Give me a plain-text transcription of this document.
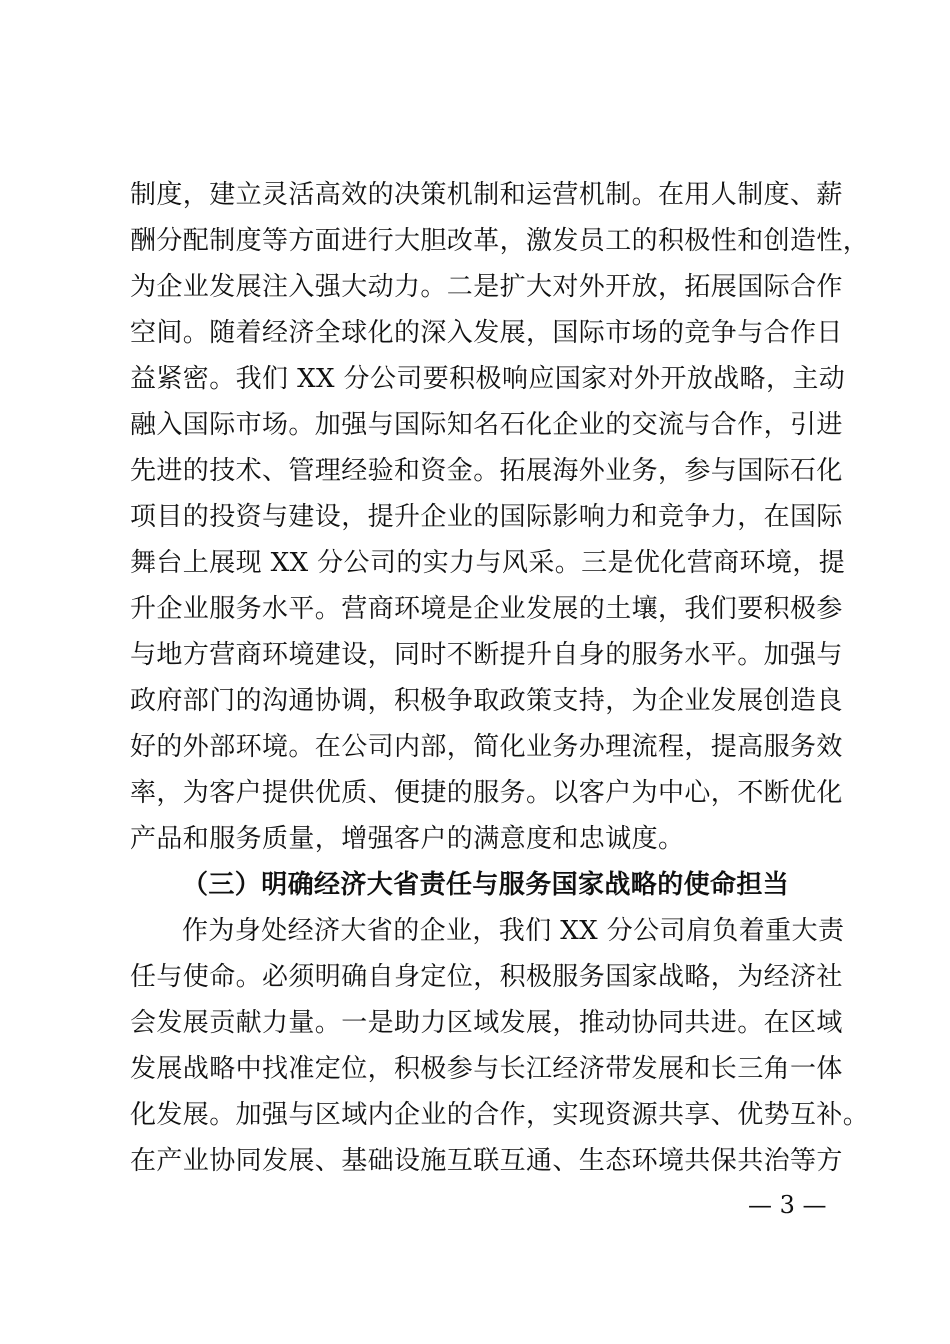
制度，建立灵活高效的决策机制和运营机制。在用人制度、薪
酬分配制度等方面进行大胆改革，激发员工的积极性和创造性，
为企业发展注入强大动力。二是扩大对外开放，拓展国际合作
空间。随着经济全球化的深入发展，国际市场的竞争与合作日
益紧密。我们 XX 分公司要积极响应国家对外开放战略，主动
融入国际市场。加强与国际知名石化企业的交流与合作，引进
先进的技术、管理经验和资金。拓展海外业务，参与国际石化
项目的投资与建设，提升企业的国际影响力和竞争力，在国际
舞台上展现 XX 分公司的实力与风采。三是优化营商环境，提
升企业服务水平。营商环境是企业发展的土壤，我们要积极参
与地方营商环境建设，同时不断提升自身的服务水平。加强与
政府部门的沟通协调，积极争取政策支持，为企业发展创造良
好的外部环境。在公司内部，简化业务办理流程，提高服务效
率，为客户提供优质、便捷的服务。以客户为中心，不断优化
产品和服务质量，增强客户的满意度和忠诚度。
（三）明确经济大省责任与服务国家战略的使命担当
作为身处经济大省的企业，我们 XX 分公司肩负着重大责
任与使命。必须明确自身定位，积极服务国家战略，为经济社
会发展贡献力量。一是助力区域发展，推动协同共进。在区域
发展战略中找准定位，积极参与长江经济带发展和长三角一体
化发展。加强与区域内企业的合作，实现资源共享、优势互补。
在产业协同发展、基础设施互联互通、生态环境共保共治等方
— 3 —
